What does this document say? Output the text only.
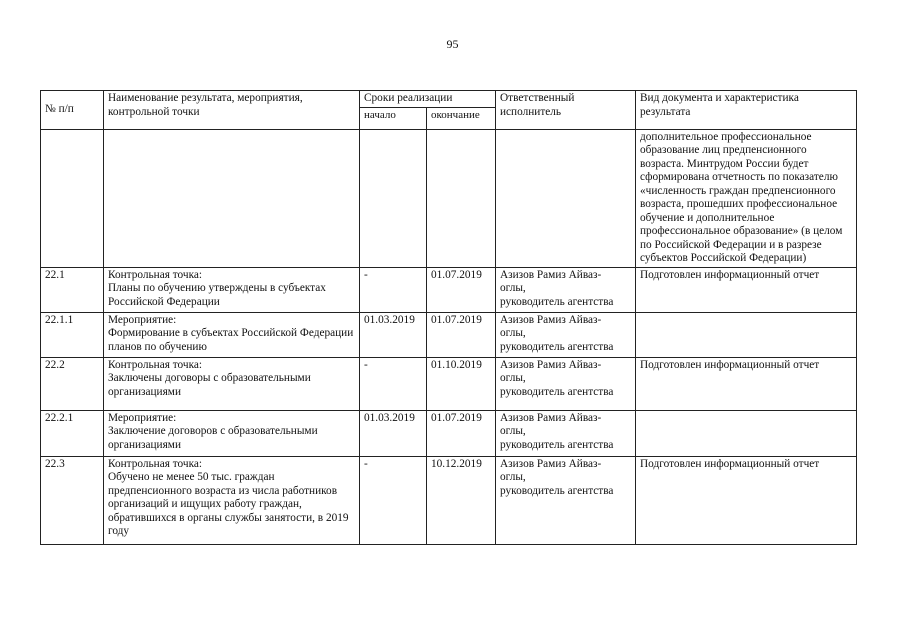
95
№ п/п	Наименование результата, мероприятия, контрольной точки	Сроки реализации		Ответственный исполнитель	Вид документа и характеристика результата
		начало	окончание		
					дополнительное профессиональное образование лиц предпенсионного возраста. Минтрудом России будет сформирована отчетность по показателю «численность граждан предпенсионного возраста, прошедших профессиональное обучение и дополнительное профессиональное образование» (в целом по Российской Федерации и в разрезе субъектов Российской Федерации)
22.1	Контрольная точка:
Планы по обучению утверждены в субъектах Российской Федерации	-	01.07.2019	Азизов Рамиз Айваз-
оглы,
руководитель агентства	Подготовлен информационный отчет
22.1.1	Мероприятие:
Формирование в субъектах Российской Федерации планов по обучению	01.03.2019	01.07.2019	Азизов Рамиз Айваз-
оглы,
руководитель агентства	
22.2	Контрольная точка:
Заключены договоры с образовательными организациями	-	01.10.2019	Азизов Рамиз Айваз-
оглы,
руководитель агентства	Подготовлен информационный отчет
22.2.1	Мероприятие:
Заключение договоров с образовательными организациями	01.03.2019	01.07.2019	Азизов Рамиз Айваз-
оглы,
руководитель агентства	
22.3	Контрольная точка:
Обучено не менее 50 тыс. граждан предпенсионного возраста из числа работников организаций и ищущих работу граждан, обратившихся в органы службы занятости, в 2019 году	-	10.12.2019	Азизов Рамиз Айваз-
оглы,
руководитель агентства	Подготовлен информационный отчет
